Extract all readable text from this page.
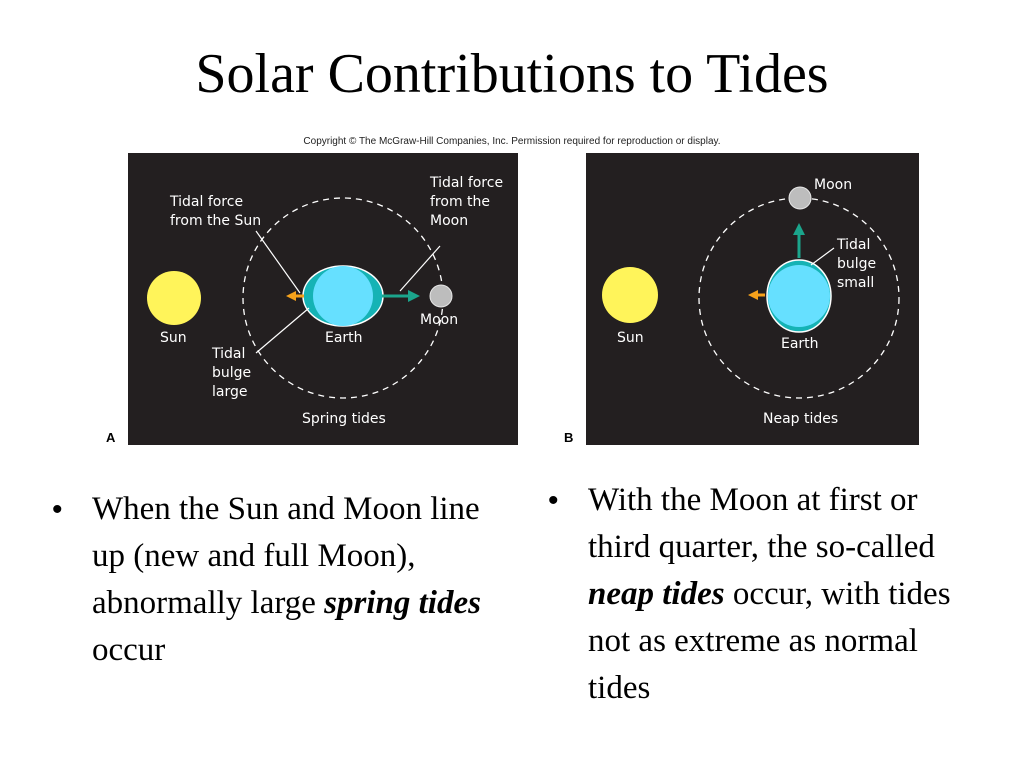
Solar Contributions to Tides
Copyright © The McGraw-Hill Companies, Inc. Permission required for reproduction or display.
Tidal force
from the Sun
Tidal force
from the
Moon
Sun	Earth
Moon
Tidal
bulge
large
Spring tides
A
Moon
Tidal
bulge
small
Sun	Earth
Neap tides
B
• When the Sun and Moon line up (new and full Moon), abnormally large spring tides occur
• With the Moon at first or third quarter, the so-called neap tides occur, with tides not as extreme as normal tides
